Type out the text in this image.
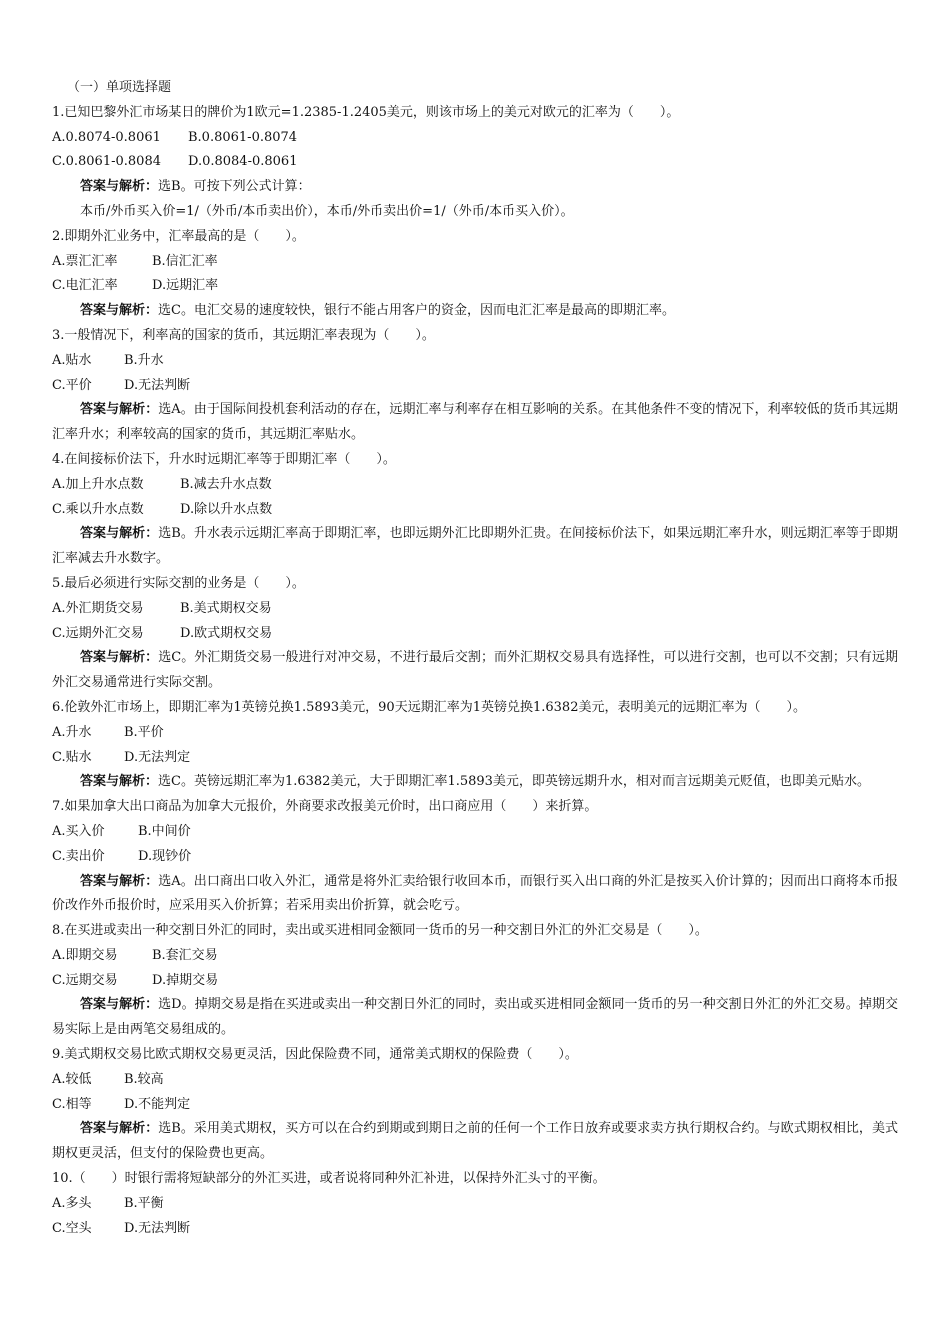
（一）单项选择题
1.已知巴黎外汇市场某日的牌价为1欧元=1.2385-1.2405美元，则该市场上的美元对欧元的汇率为（　　）。
A.0.8074-0.8061 B.0.8061-0.8074
C.0.8061-0.8084 D.0.8084-0.8061
答案与解析：选B。可按下列公式计算：
本币/外币买入价=1/（外币/本币卖出价），本币/外币卖出价=1/（外币/本币买入价）。
2.即期外汇业务中，汇率最高的是（　　）。
A.票汇汇率	B.信汇汇率
C.电汇汇率	D.远期汇率
答案与解析：选C。电汇交易的速度较快，银行不能占用客户的资金，因而电汇汇率是最高的即期汇率。
3.一般情况下，利率高的国家的货币，其远期汇率表现为（　　）。
A.贴水 B.升水
C.平价 D.无法判断
答案与解析：选A。由于国际间投机套利活动的存在，远期汇率与利率存在相互影响的关系。在其他条件不变的情况下，利率较低的货币其远期汇率升水；利率较高的国家的货币，其远期汇率贴水。
4.在间接标价法下，升水时远期汇率等于即期汇率（　　）。
A.加上升水点数	B.减去升水点数
C.乘以升水点数	D.除以升水点数
答案与解析：选B。升水表示远期汇率高于即期汇率，也即远期外汇比即期外汇贵。在间接标价法下，如果远期汇率升水，则远期汇率等于即期汇率减去升水数字。
5.最后必须进行实际交割的业务是（　　）。
A.外汇期货交易	B.美式期权交易
C.远期外汇交易	D.欧式期权交易
答案与解析：选C。外汇期货交易一般进行对冲交易，不进行最后交割；而外汇期权交易具有选择性，可以进行交割，也可以不交割；只有远期外汇交易通常进行实际交割。
6.伦敦外汇市场上，即期汇率为1英镑兑换1.5893美元，90天远期汇率为1英镑兑换1.6382美元，表明美元的远期汇率为（　　）。
A.升水 B.平价
C.贴水 D.无法判定
答案与解析：选C。英镑远期汇率为1.6382美元，大于即期汇率1.5893美元，即英镑远期升水，相对而言远期美元贬值，也即美元贴水。
7.如果加拿大出口商品为加拿大元报价，外商要求改报美元价时，出口商应用（　　）来折算。
A.买入价	B.中间价
C.卖出价	D.现钞价
答案与解析：选A。出口商出口收入外汇，通常是将外汇卖给银行收回本币，而银行买入出口商的外汇是按买入价计算的；因而出口商将本币报价改作外币报价时，应采用买入价折算；若采用卖出价折算，就会吃亏。
8.在买进或卖出一种交割日外汇的同时，卖出或买进相同金额同一货币的另一种交割日外汇的外汇交易是（　　）。
A.即期交易	B.套汇交易
C.远期交易	D.掉期交易
答案与解析：选D。掉期交易是指在买进或卖出一种交割日外汇的同时，卖出或买进相同金额同一货币的另一种交割日外汇的外汇交易。掉期交易实际上是由两笔交易组成的。
9.美式期权交易比欧式期权交易更灵活，因此保险费不同，通常美式期权的保险费（　　）。
A.较低 B.较高
C.相等 D.不能判定
答案与解析：选B。采用美式期权，买方可以在合约到期或到期日之前的任何一个工作日放弃或要求卖方执行期权合约。与欧式期权相比，美式期权更灵活，但支付的保险费也更高。
10.（　　）时银行需将短缺部分的外汇买进，或者说将同种外汇补进，以保持外汇头寸的平衡。
A.多头 B.平衡
C.空头 D.无法判断
